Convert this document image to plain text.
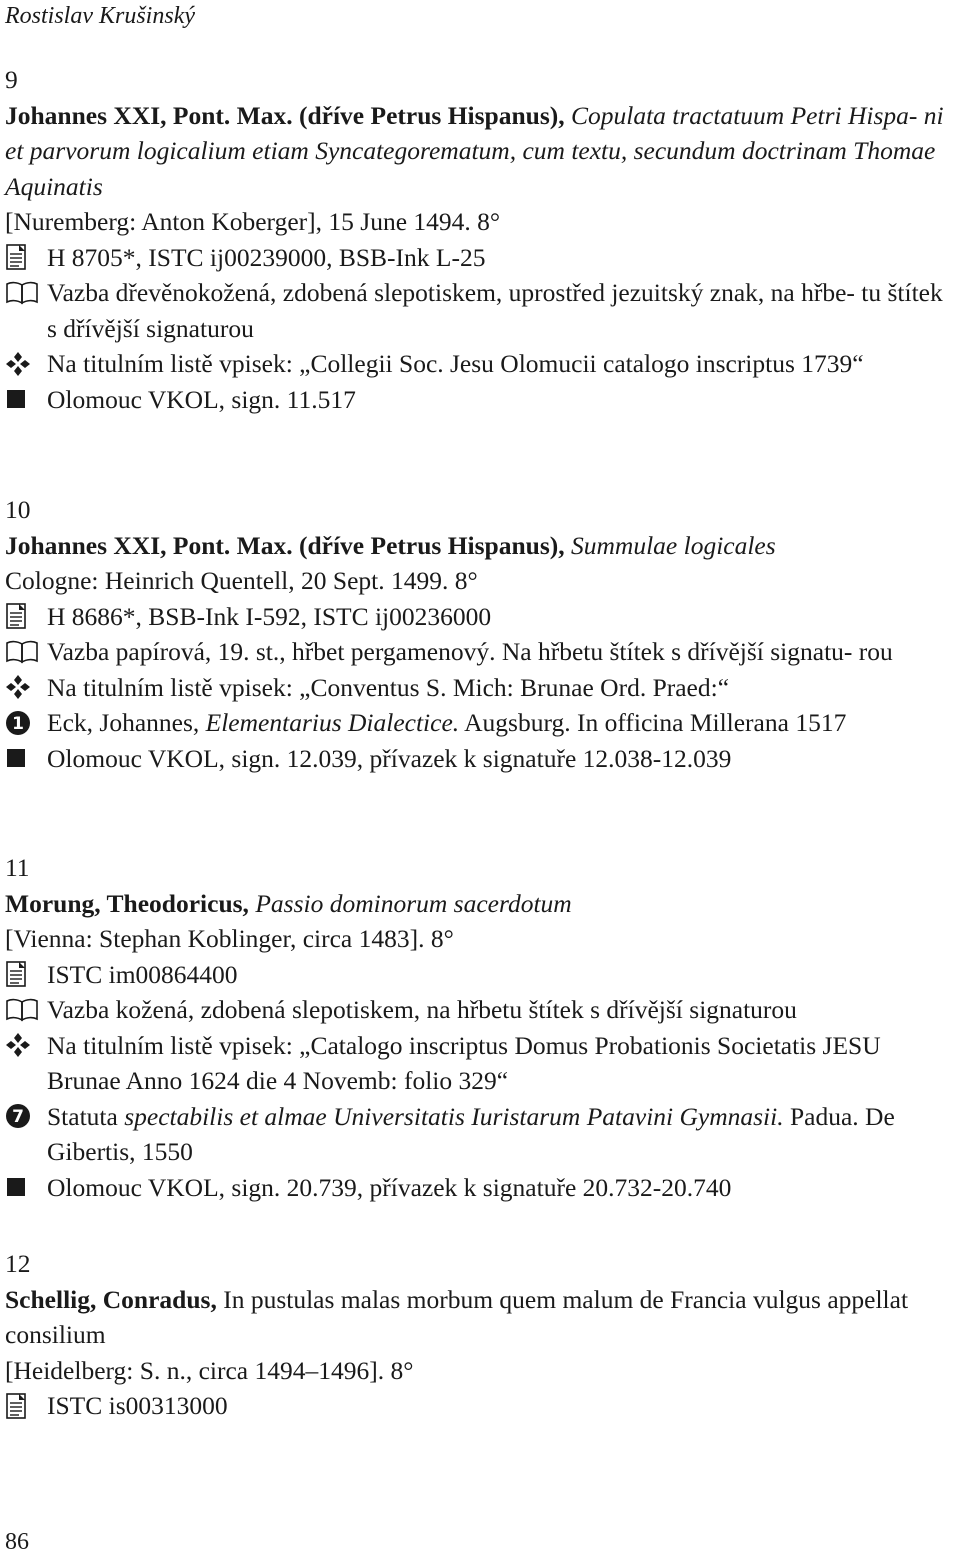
Rostislav Krušinský
9
Johannes XXI, Pont. Max. (dříve Petrus Hispanus), Copulata tractatuum Petri Hispa- ni et parvorum logicalium etiam Syncategorematum, cum textu, secundum doctrinam Thomae Aquinatis
[Nuremberg: Anton Koberger], 15 June 1494. 8°
H 8705*, ISTC ij00239000, BSB-Ink L-25
Vazba dřevěnokožená, zdobená slepotiskem, uprostřed jezuitský znak, na hřbe- tu štítek s dřívější signaturou
Na titulním listě vpisek: „Collegii Soc. Jesu Olomucii catalogo inscriptus 1739“
Olomouc VKOL, sign. 11.517
10
Johannes XXI, Pont. Max. (dříve Petrus Hispanus), Summulae logicales
Cologne: Heinrich Quentell, 20 Sept. 1499. 8°
H 8686*, BSB-Ink I-592, ISTC ij00236000
Vazba papírová, 19. st., hřbet pergamenový. Na hřbetu štítek s dřívější signatu- rou
Na titulním listě vpisek: „Conventus S. Mich: Brunae Ord. Praed:“
1 Eck, Johannes, Elementarius Dialectice. Augsburg. In officina Millerana 1517
Olomouc VKOL, sign. 12.039, přívazek k signatuře 12.038-12.039
11
Morung, Theodoricus, Passio dominorum sacerdotum
[Vienna: Stephan Koblinger, circa 1483]. 8°
ISTC im00864400
Vazba kožená, zdobená slepotiskem, na hřbetu štítek s dřívější signaturou
Na titulním listě vpisek: „Catalogo inscriptus Domus Probationis Societatis JESU Brunae Anno 1624 die 4 Novemb: folio 329“
7 Statuta spectabilis et almae Universitatis Iuristarum Patavini Gymnasii. Padua. De Gibertis, 1550
Olomouc VKOL, sign. 20.739, přívazek k signatuře 20.732-20.740
12
Schellig, Conradus, In pustulas malas morbum quem malum de Francia vulgus appellat consilium
[Heidelberg: S. n., circa 1494–1496]. 8°
ISTC is00313000
86
